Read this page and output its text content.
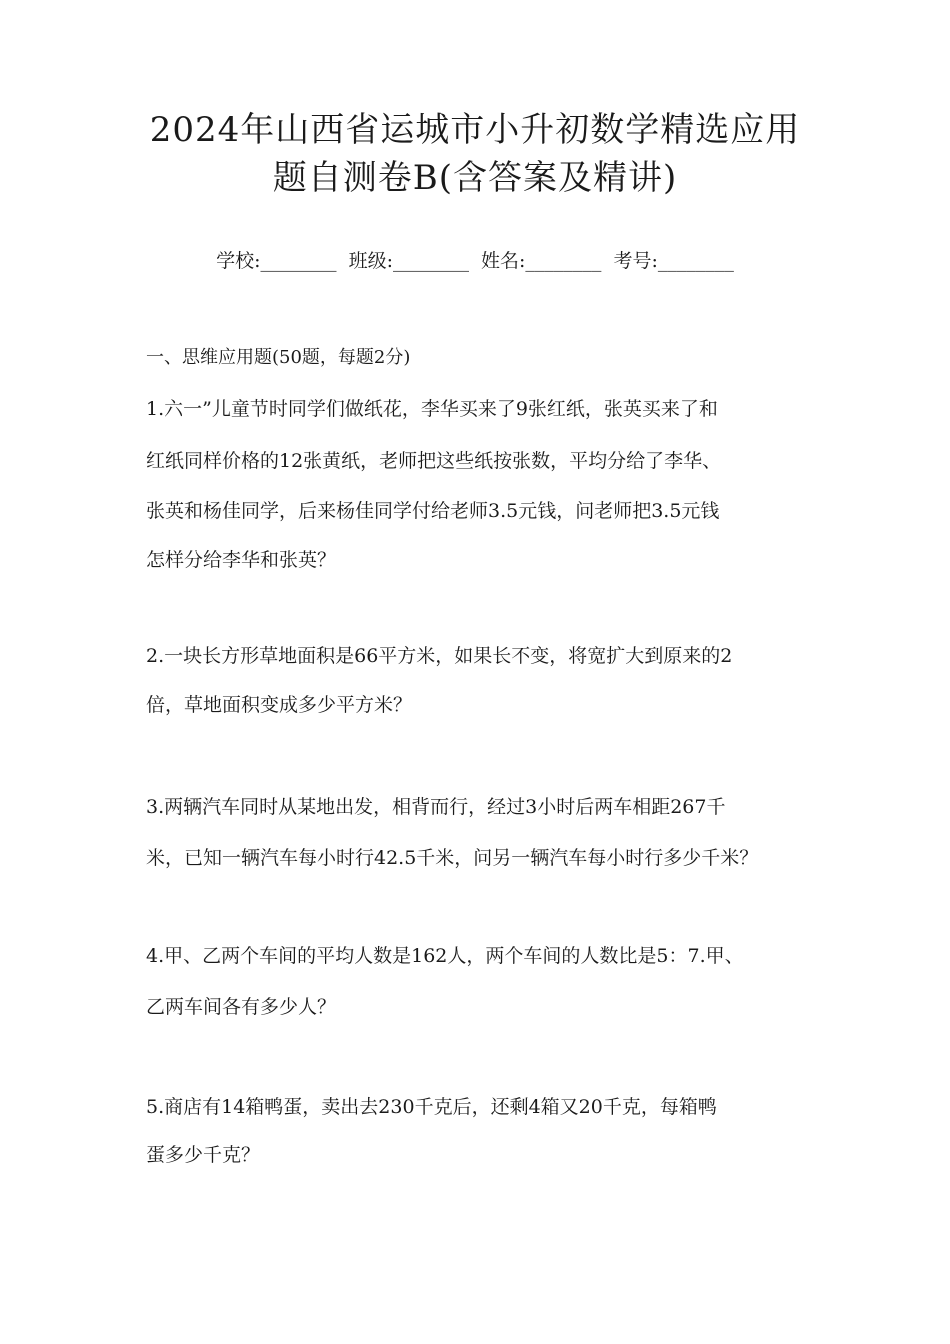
2024年山西省运城市小升初数学精选应用
题自测卷B(含答案及精讲)
学校:________ 班级:________ 姓名:________ 考号:________
一、思维应用题(50题，每题2分)
1.六一”儿童节时同学们做纸花，李华买来了9张红纸，张英买来了和
红纸同样价格的12张黄纸，老师把这些纸按张数，平均分给了李华、
张英和杨佳同学，后来杨佳同学付给老师3.5元钱，问老师把3.5元钱
怎样分给李华和张英？
2.一块长方形草地面积是66平方米，如果长不变，将宽扩大到原来的2
倍，草地面积变成多少平方米？
3.两辆汽车同时从某地出发，相背而行，经过3小时后两车相距267千
米，已知一辆汽车每小时行42.5千米，问另一辆汽车每小时行多少千米？
4.甲、乙两个车间的平均人数是162人，两个车间的人数比是5：7.甲、
乙两车间各有多少人？
5.商店有14箱鸭蛋，卖出去230千克后，还剩4箱又20千克，每箱鸭
蛋多少千克？
